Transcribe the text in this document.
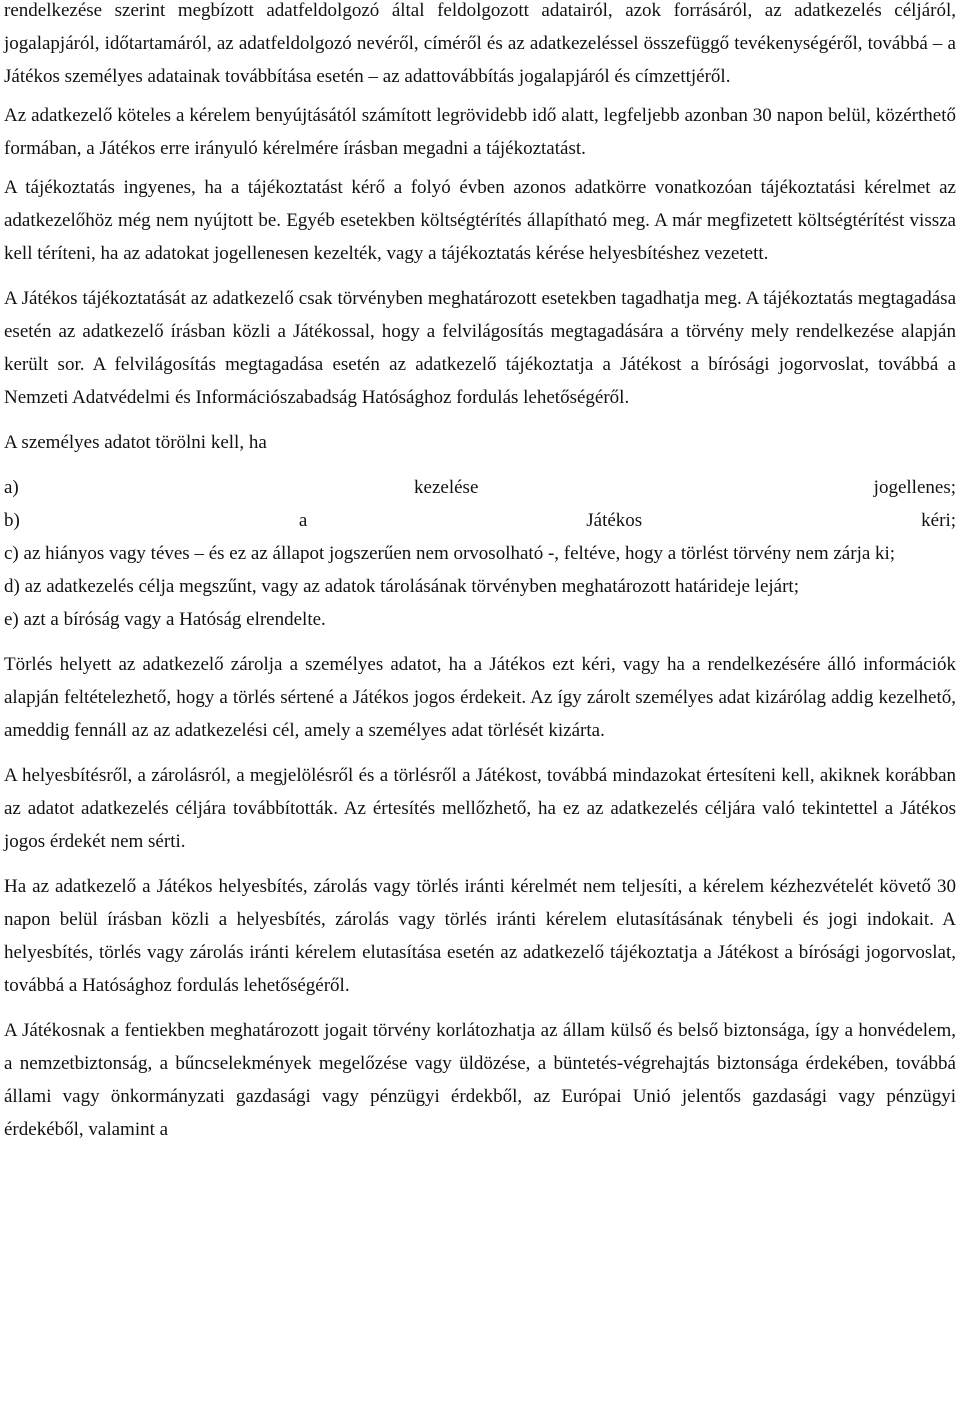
rendelkezése szerint megbízott adatfeldolgozó által feldolgozott adatairól, azok forrásáról, az adatkezelés céljáról, jogalapjáról, időtartamáról, az adatfeldolgozó nevéről, címéről és az adatkezeléssel összefüggő tevékenységéről, továbbá – a Játékos személyes adatainak továbbítása esetén – az adattovábbítás jogalapjáról és címzettjéről.

Az adatkezelő köteles a kérelem benyújtásától számított legrövidebb idő alatt, legfeljebb azonban 30 napon belül, közérthető formában, a Játékos erre irányuló kérelmére írásban megadni a tájékoztatást.

A tájékoztatás ingyenes, ha a tájékoztatást kérő a folyó évben azonos adatkörre vonatkozóan tájékoztatási kérelmet az adatkezelőhöz még nem nyújtott be. Egyéb esetekben költségtérítés állapítható meg. A már megfizetett költségtérítést vissza kell téríteni, ha az adatokat jogellenesen kezelték, vagy a tájékoztatás kérése helyesbítéshez vezetett.

A Játékos tájékoztatását az adatkezelő csak törvényben meghatározott esetekben tagadhatja meg. A tájékoztatás megtagadása esetén az adatkezelő írásban közli a Játékossal, hogy a felvilágosítás megtagadására a törvény mely rendelkezése alapján került sor. A felvilágosítás megtagadása esetén az adatkezelő tájékoztatja a Játékost a bírósági jogorvoslat, továbbá a Nemzeti Adatvédelmi és Információszabadság Hatósághoz fordulás lehetőségéről.

A személyes adatot törölni kell, ha

a) kezelése jogellenes;
b) a Játékos kéri;
c) az hiányos vagy téves – és ez az állapot jogszerűen nem orvosolható -, feltéve, hogy a törlést törvény nem zárja ki;
d) az adatkezelés célja megszűnt, vagy az adatok tárolásának törvényben meghatározott határideje lejárt;
e) azt a bíróság vagy a Hatóság elrendelte.

Törlés helyett az adatkezelő zárolja a személyes adatot, ha a Játékos ezt kéri, vagy ha a rendelkezésére álló információk alapján feltételezhető, hogy a törlés sértené a Játékos jogos érdekeit. Az így zárolt személyes adat kizárólag addig kezelhető, ameddig fennáll az az adatkezelési cél, amely a személyes adat törlését kizárta.

A helyesbítésről, a zárolásról, a megjelölésről és a törlésről a Játékost, továbbá mindazokat értesíteni kell, akiknek korábban az adatot adatkezelés céljára továbbították. Az értesítés mellőzhető, ha ez az adatkezelés céljára való tekintettel a Játékos jogos érdekét nem sérti.

Ha az adatkezelő a Játékos helyesbítés, zárolás vagy törlés iránti kérelmét nem teljesíti, a kérelem kézhezvételét követő 30 napon belül írásban közli a helyesbítés, zárolás vagy törlés iránti kérelem elutasításának ténybeli és jogi indokait. A helyesbítés, törlés vagy zárolás iránti kérelem elutasítása esetén az adatkezelő tájékoztatja a Játékost a bírósági jogorvoslat, továbbá a Hatósághoz fordulás lehetőségéről.

A Játékosnak a fentiekben meghatározott jogait törvény korlátozhatja az állam külső és belső biztonsága, így a honvédelem, a nemzetbiztonság, a bűncselekmények megelőzése vagy üldözése, a büntetés-végrehajtás biztonsága érdekében, továbbá állami vagy önkormányzati gazdasági vagy pénzügyi érdekből, az Európai Unió jelentős gazdasági vagy pénzügyi érdekéből, valamint a
